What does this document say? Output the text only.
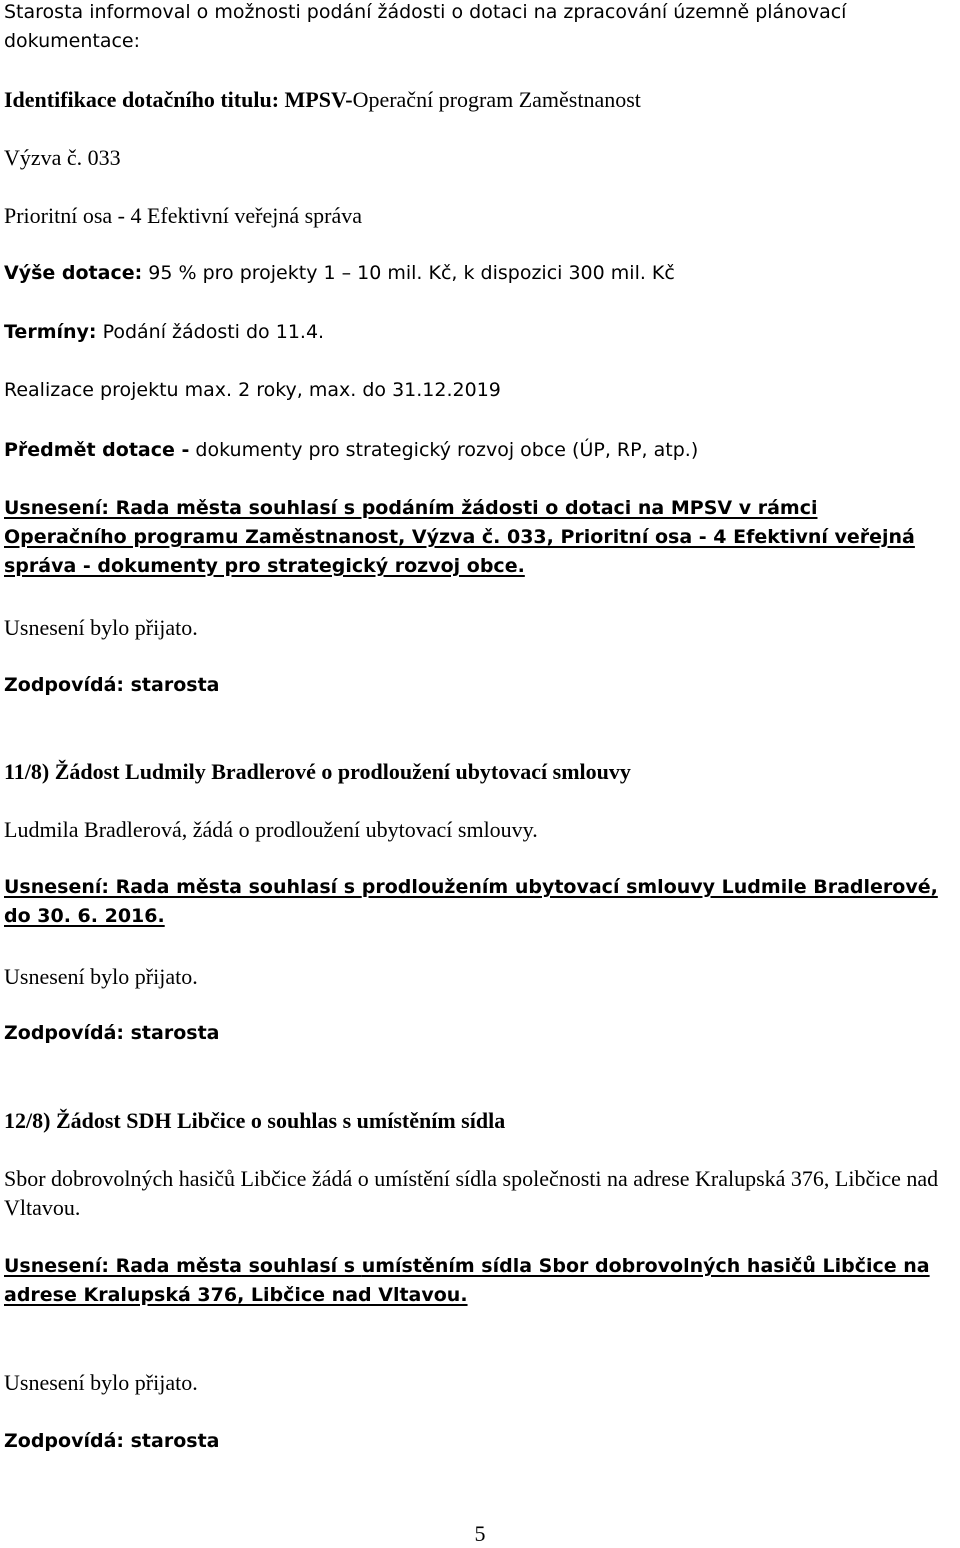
Starosta informoval o možnosti podání žádosti o dotaci na zpracování územně plánovací dokumentace:

Identifikace dotačního titulu: MPSV-Operační program Zaměstnanost

Výzva č. 033

Prioritní osa - 4 Efektivní veřejná správa

Výše dotace: 95 % pro projekty 1 – 10 mil. Kč, k dispozici 300 mil. Kč

Termíny: Podání žádosti do 11.4.

Realizace projektu max. 2 roky, max. do 31.12.2019

Předmět dotace - dokumenty pro strategický rozvoj obce (ÚP, RP, atp.)

Usnesení: Rada města souhlasí s podáním žádosti o dotaci na MPSV v rámci Operačního programu Zaměstnanost, Výzva č. 033, Prioritní osa - 4 Efektivní veřejná správa - dokumenty pro strategický rozvoj obce.

Usnesení bylo přijato.

Zodpovídá: starosta

11/8) Žádost Ludmily Bradlerové o prodloužení ubytovací smlouvy

Ludmila Bradlerová, žádá o prodloužení ubytovací smlouvy.

Usnesení: Rada města souhlasí s prodloužením ubytovací smlouvy Ludmile Bradlerové, do 30. 6. 2016.

Usnesení bylo přijato.

Zodpovídá: starosta

12/8) Žádost SDH Libčice o souhlas s umístěním sídla

Sbor dobrovolných hasičů Libčice žádá o umístění sídla společnosti na adrese Kralupská 376, Libčice nad Vltavou.

Usnesení: Rada města souhlasí s umístěním sídla Sbor dobrovolných hasičů Libčice na adrese Kralupská 376, Libčice nad Vltavou.

Usnesení bylo přijato.

Zodpovídá: starosta

5
